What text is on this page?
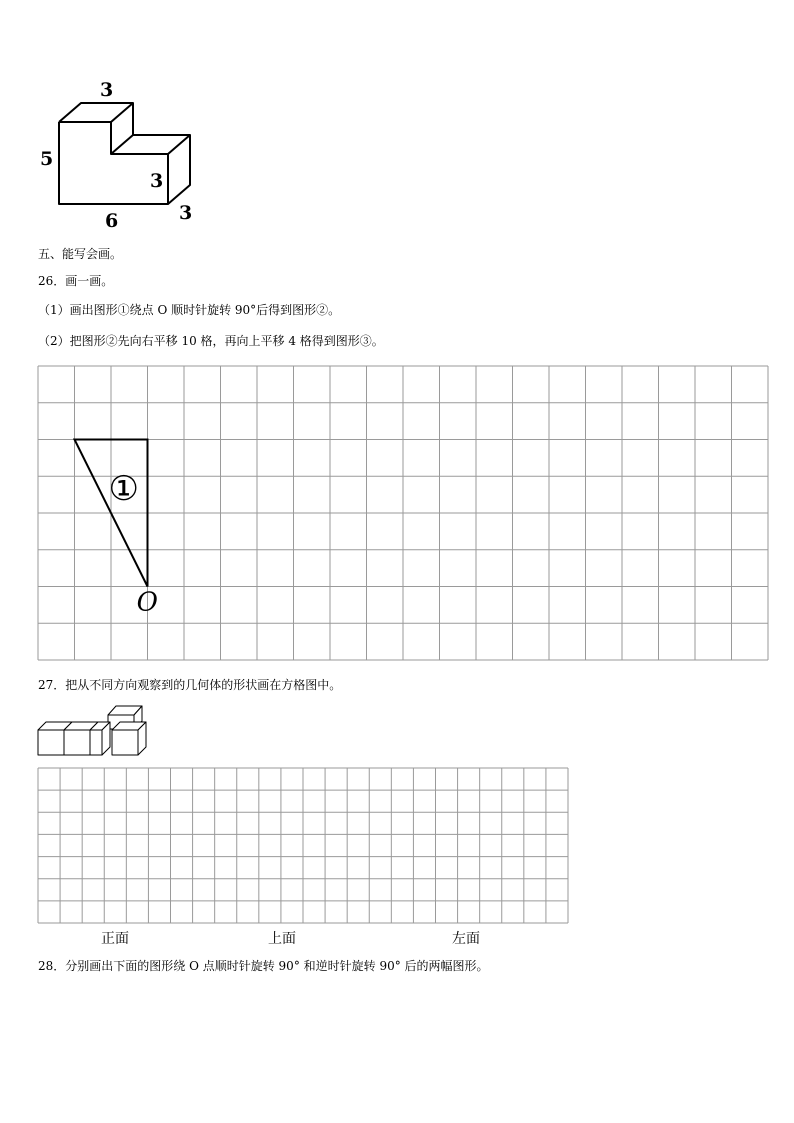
3
5
3
6	3
五、能写会画。
26．画一画。
（1）画出图形①绕点 O 顺时针旋转 90°后得到图形②。
（2）把图形②先向右平移 10 格，再向上平移 4 格得到图形③。
①
O
27．把从不同方向观察到的几何体的形状画在方格图中。
正面	上面	左面
28．分别画出下面的图形绕 O 点顺时针旋转 90° 和逆时针旋转 90° 后的两幅图形。
